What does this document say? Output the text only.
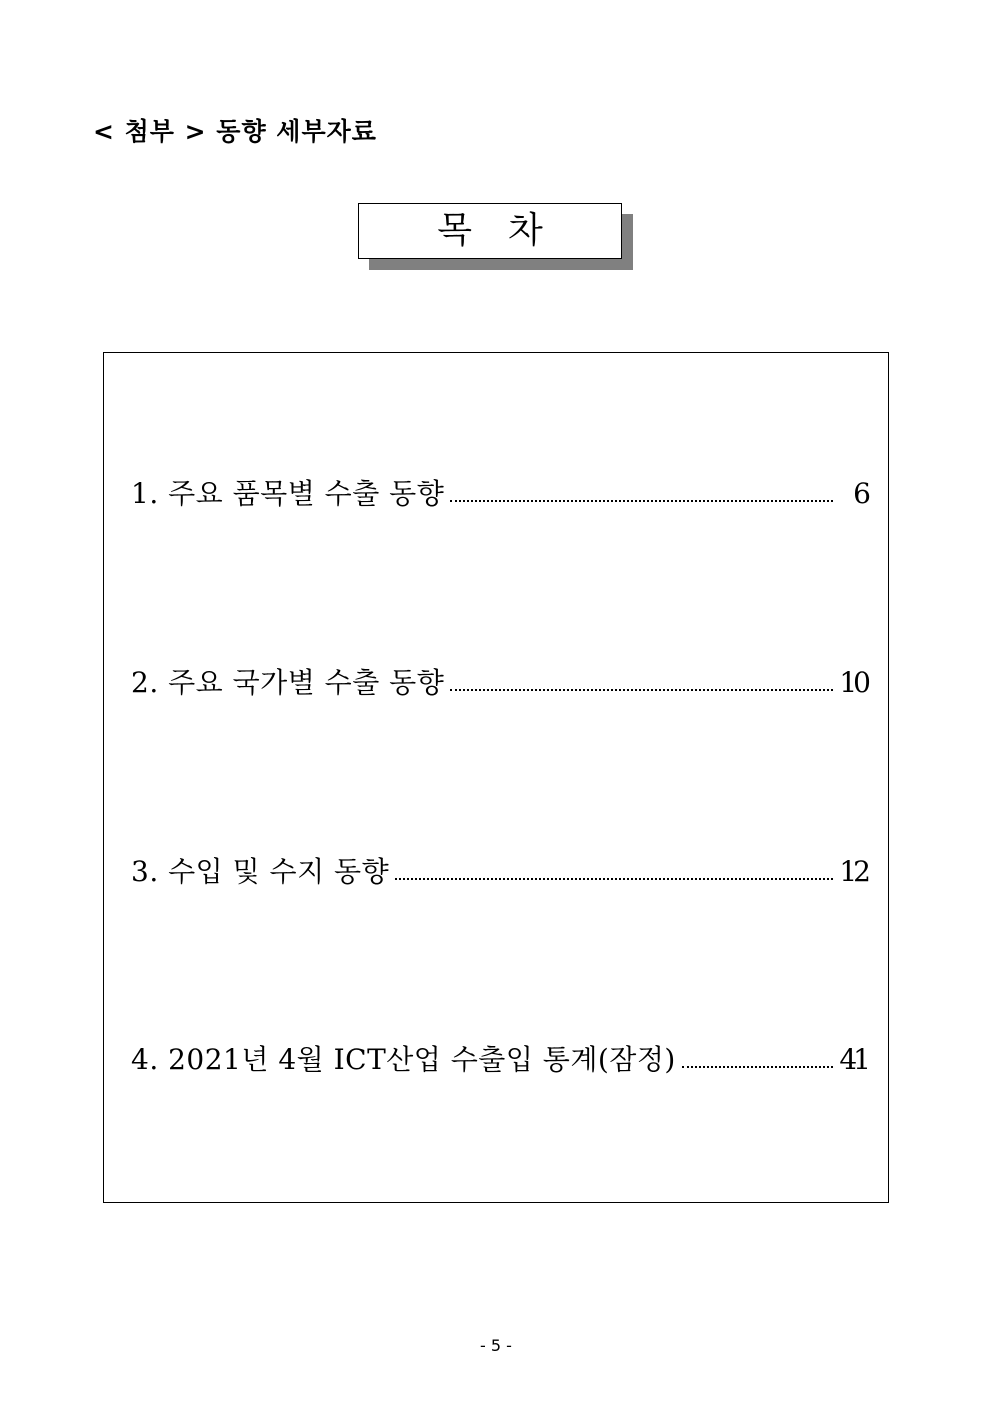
< 첨부 > 동향 세부자료
목차
1. 주요 품목별 수출 동향	6
2. 주요 국가별 수출 동향	10
3. 수입 및 수지 동향	12
4. 2021년 4월 ICT산업 수출입 통계(잠정)	41
- 5 -
